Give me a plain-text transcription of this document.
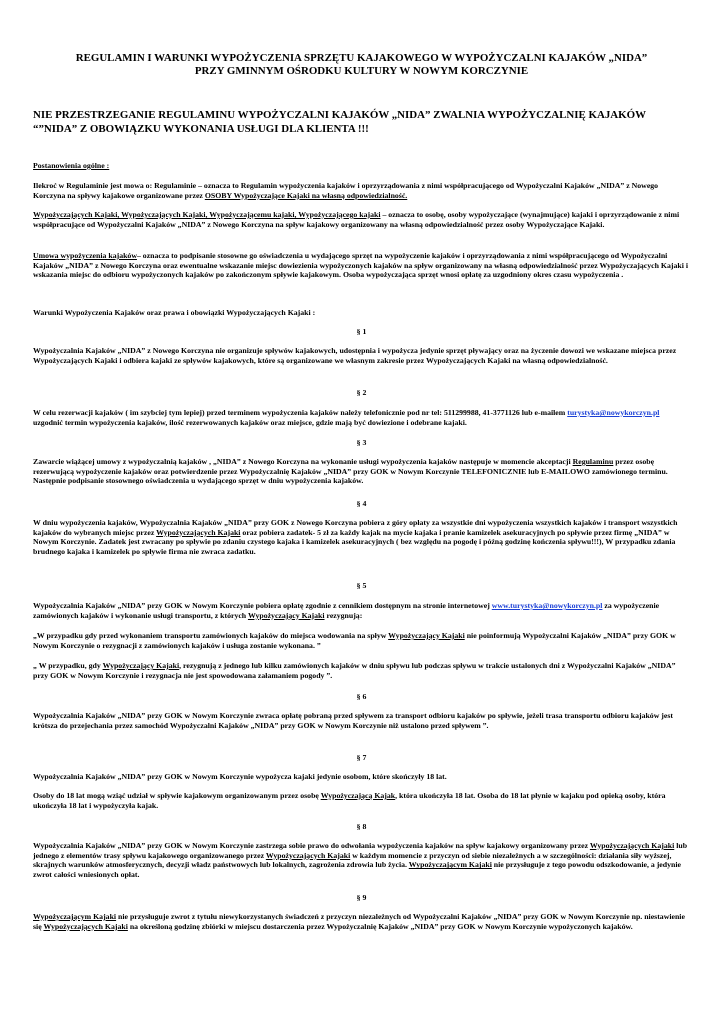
REGULAMIN I WARUNKI WYPOŻYCZENIA SPRZĘTU KAJAKOWEGO W WYPOŻYCZALNI KAJAKÓW „NIDA”
PRZY GMINNYM OŚRODKU KULTURY W NOWYM KORCZYNIE

NIE PRZESTRZEGANIE REGULAMINU WYPOŻYCZALNI KAJAKÓW „NIDA” ZWALNIA WYPOŻYCZALNIĘ KAJAKÓW “”NIDA” Z OBOWIĄZKU WYKONANIA USŁUGI DLA KLIENTA !!!

Postanowienia ogólne :

Ilekroć w Regulaminie jest mowa o: Regulaminie – oznacza to Regulamin wypożyczenia kajaków i oprzyrządowania z nimi współpracującego od Wypożyczalni Kajaków „NIDA” z Nowego Korczyna na spływy kajakowe organizowane przez OSOBY Wypożyczające Kajaki na własną odpowiedzialność.

Wypożyczających Kajaki, Wypożyczających Kajaki, Wypożyczającemu kajaki, Wypożyczającego kajaki – oznacza to osobę, osoby wypożyczające (wynajmujące) kajaki i oprzyrządowanie z nimi współpracujące od Wypożyczalni Kajaków „NIDA” z Nowego Korczyna na spływ kajakowy organizowany na własną odpowiedzialność przez osoby Wypożyczające Kajaki.

Umowa wypożyczenia kajaków– oznacza to podpisanie stosowne go oświadczenia u wydającego sprzęt na wypożyczenie kajaków i oprzyrządowania z nimi współpracującego od Wypożyczalni Kajaków „NIDA” z Nowego Korczyna oraz ewentualne wskazanie miejsc dowiezienia wypożyczonych kajaków na spływ organizowany na własną odpowiedzialność przez Wypożyczających Kajaki i wskazania miejsc do odbioru wypożyczonych kajaków po zakończonym spływie kajakowym. Osoba wypożyczająca sprzęt wnosi opłatę za uzgodniony okres czasu wypożyczenia .

Warunki Wypożyczenia Kajaków oraz prawa i obowiązki Wypożyczających Kajaki :

§ 1

Wypożyczalnia Kajaków „NIDA” z Nowego Korczyna nie organizuje spływów kajakowych, udostępnia i wypożycza jedynie sprzęt pływający oraz na życzenie dowozi we wskazane miejsca przez Wypożyczających Kajaki i odbiera kajaki ze spływów kajakowych, które są organizowane we własnym zakresie przez Wypożyczających Kajaki na własną odpowiedzialność.

§ 2

W celu rezerwacji kajaków ( im szybciej tym lepiej) przed terminem wypożyczenia kajaków należy telefonicznie pod nr tel: 511299988, 41-3771126 lub e-mailem turystyka@nowykorczyn.pl uzgodnić termin wypożyczenia kajaków, ilość rezerwowanych kajaków oraz miejsce, gdzie mają być dowiezione i odebrane kajaki.

§ 3

Zawarcie wiążącej umowy z wypożyczalnią kajaków , „NIDA” z Nowego Korczyna na wykonanie usługi wypożyczenia kajaków następuje w momencie akceptacji Regulaminu przez osobę rezerwującą wypożyczenie kajaków oraz potwierdzenie przez Wypożyczalnię Kajaków „NIDA” przy GOK w Nowym Korczynie TELEFONICZNIE lub E-MAILOWO zamówionego terminu. Następnie podpisanie stosownego oświadczenia u wydającego sprzęt w dniu wypożyczenia kajaków.

§ 4

W dniu wypożyczenia kajaków, Wypożyczalnia Kajaków „NIDA” przy GOK z Nowego Korczyna pobiera z góry opłaty za wszystkie dni wypożyczenia wszystkich kajaków i transport wszystkich kajaków do wybranych miejsc przez Wypożyczających Kajaki oraz pobiera zadatek- 5 zł za każdy kajak na mycie kajaka i pranie kamizelek asekuracyjnych po spływie przez firmę „NIDA” w Nowym Korczynie. Zadatek jest zwracany po spływie po zdaniu czystego kajaka i kamizelek asekuracyjnych ( bez względu na pogodę i późną godzinę kończenia spływu!!!), W przypadku zdania brudnego kajaka i kamizelek po spływie firma nie zwraca zadatku.

§ 5

Wypożyczalnia Kajaków „NIDA” przy GOK w Nowym Korczynie pobiera opłatę zgodnie z cennikiem dostępnym na stronie internetowej www.turystyka@nowykorczyn.pl za wypożyczenie zamówionych kajaków i wykonanie usługi transportu, z których Wypożyczający Kajaki rezygnują:

„W przypadku gdy przed wykonaniem transportu zamówionych kajaków do miejsca wodowania na spływ Wypożyczający Kajaki nie poinformują Wypożyczalni Kajaków „NIDA” przy GOK w Nowym Korczynie o rezygnacji z zamówionych kajaków i usługa zostanie wykonana. ”

„ W przypadku, gdy Wypożyczający Kajaki, rezygnują z jednego lub kilku zamówionych kajaków w dniu spływu lub podczas spływu w trakcie ustalonych dni z Wypożyczalni Kajaków „NIDA” przy GOK w Nowym Korczynie i rezygnacja nie jest spowodowana załamaniem pogody ”.

§ 6

Wypożyczalnia Kajaków „NIDA” przy GOK w Nowym Korczynie zwraca opłatę pobraną przed spływem za transport odbioru kajaków po spływie, jeżeli trasa transportu odbioru kajaków jest krótsza do przejechania przez samochód Wypożyczalni Kajaków „NIDA” przy GOK w Nowym Korczynie niż ustalono przed spływem ”.

§ 7

Wypożyczalnia Kajaków „NIDA” przy GOK w Nowym Korczynie wypożycza kajaki jedynie osobom, które skończyły 18 lat.

Osoby do 18 lat mogą wziąć udział w spływie kajakowym organizowanym przez osobę Wypożyczającą Kajak, która ukończyła 18 lat. Osoba do 18 lat płynie w kajaku pod opieką osoby, która ukończyła 18 lat i wypożyczyła kajak.

§ 8

Wypożyczalnia Kajaków „NIDA” przy GOK w Nowym Korczynie zastrzega sobie prawo do odwołania wypożyczenia kajaków na spływ kajakowy organizowany przez Wypożyczających Kajaki lub jednego z elementów trasy spływu kajakowego organizowanego przez Wypożyczających Kajaki w każdym momencie z przyczyn od siebie niezależnych a w szczególności: działania siły wyższej, skrajnych warunków atmosferycznych, decyzji władz państwowych lub lokalnych, zagrożenia zdrowia lub życia. Wypożyczającym Kajaki nie przysługuje z tego powodu odszkodowanie, a jedynie zwrot całości wniesionych opłat.

§ 9

Wypożyczającym Kajaki nie przysługuje zwrot z tytułu niewykorzystanych świadczeń z przyczyn niezależnych od Wypożyczalni Kajaków „NIDA” przy GOK w Nowym Korczynie np. niestawienie się Wypożyczających Kajaki na określoną godzinę zbiórki w miejscu dostarczenia przez Wypożyczalnię Kajaków „NIDA” przy GOK w Nowym Korczynie wypożyczonych kajaków.
